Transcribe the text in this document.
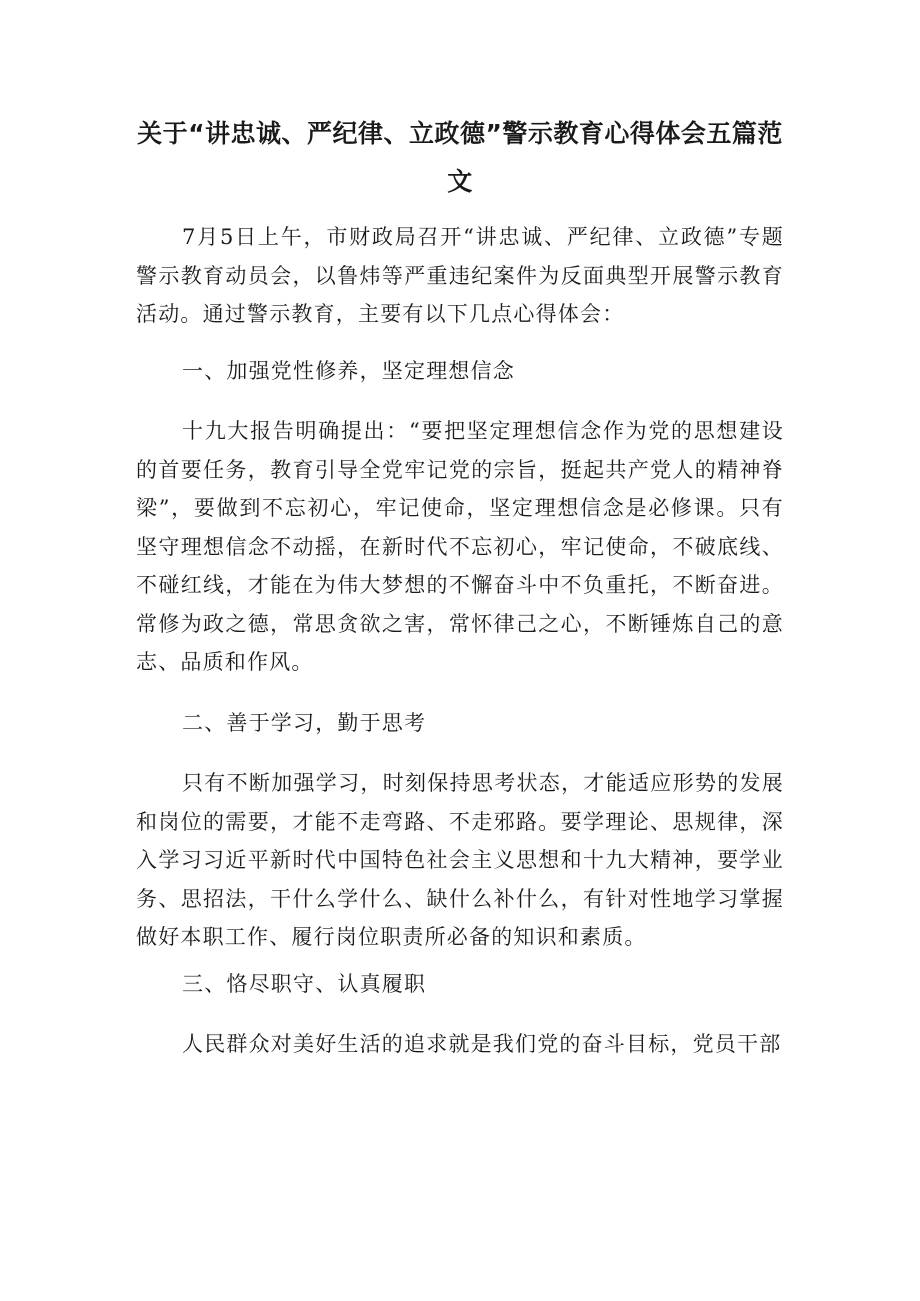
关于“讲忠诚、严纪律、立政德”警示教育心得体会五篇范文

7月5日上午，市财政局召开“讲忠诚、严纪律、立政德”专题警示教育动员会，以鲁炜等严重违纪案件为反面典型开展警示教育活动。通过警示教育，主要有以下几点心得体会：

一、加强党性修养，坚定理想信念

十九大报告明确提出：“要把坚定理想信念作为党的思想建设的首要任务，教育引导全党牢记党的宗旨，挺起共产党人的精神脊梁”，要做到不忘初心，牢记使命，坚定理想信念是必修课。只有坚守理想信念不动摇，在新时代不忘初心，牢记使命，不破底线、不碰红线，才能在为伟大梦想的不懈奋斗中不负重托，不断奋进。常修为政之德，常思贪欲之害，常怀律己之心，不断锤炼自己的意志、品质和作风。

二、善于学习，勤于思考

只有不断加强学习，时刻保持思考状态，才能适应形势的发展和岗位的需要，才能不走弯路、不走邪路。要学理论、思规律，深入学习习近平新时代中国特色社会主义思想和十九大精神，要学业务、思招法，干什么学什么、缺什么补什么，有针对性地学习掌握做好本职工作、履行岗位职责所必备的知识和素质。

三、恪尽职守、认真履职

人民群众对美好生活的追求就是我们党的奋斗目标，党员干部
